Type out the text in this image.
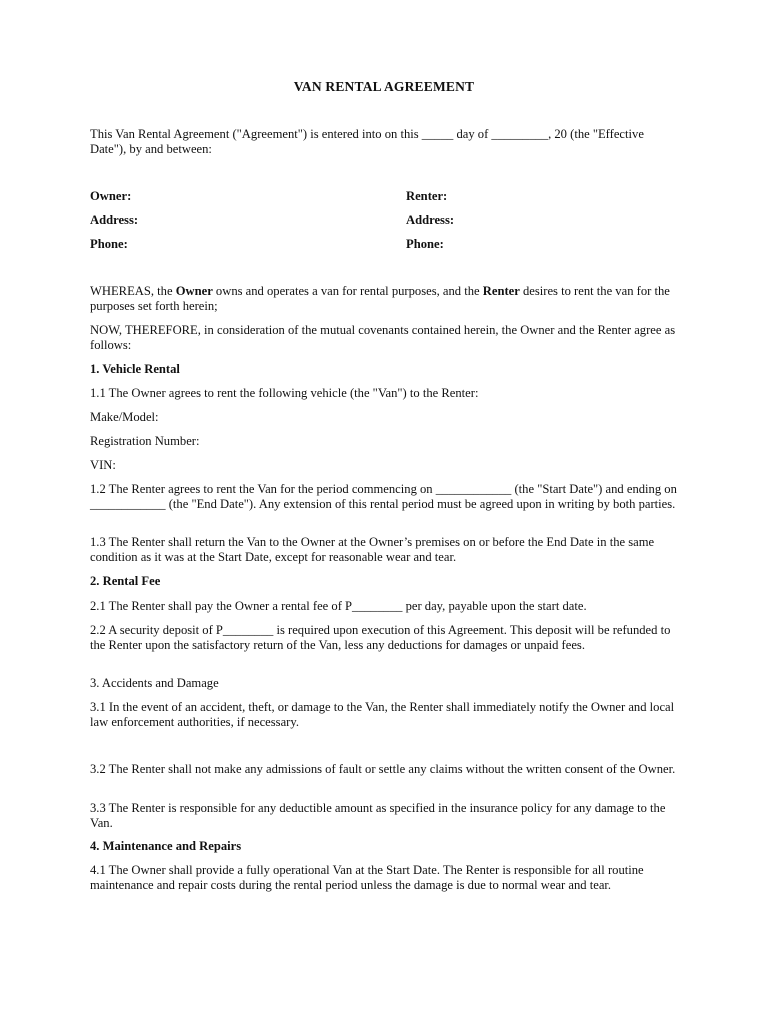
VAN RENTAL AGREEMENT

This Van Rental Agreement ("Agreement") is entered into on this _____ day of _________, 20 (the "Effective Date"), by and between:

Owner:
Address:
Phone:
Renter:
Address:
Phone:

WHEREAS, the Owner owns and operates a van for rental purposes, and the Renter desires to rent the van for the purposes set forth herein;

NOW, THEREFORE, in consideration of the mutual covenants contained herein, the Owner and the Renter agree as follows:

1. Vehicle Rental

1.1 The Owner agrees to rent the following vehicle (the "Van") to the Renter:

Make/Model:

Registration Number:

VIN:

1.2 The Renter agrees to rent the Van for the period commencing on ____________ (the "Start Date") and ending on ____________ (the "End Date"). Any extension of this rental period must be agreed upon in writing by both parties.

1.3 The Renter shall return the Van to the Owner at the Owner’s premises on or before the End Date in the same condition as it was at the Start Date, except for reasonable wear and tear.

2. Rental Fee

2.1 The Renter shall pay the Owner a rental fee of P________ per day, payable upon the start date.

2.2 A security deposit of P________ is required upon execution of this Agreement. This deposit will be refunded to the Renter upon the satisfactory return of the Van, less any deductions for damages or unpaid fees.

3. Accidents and Damage

3.1 In the event of an accident, theft, or damage to the Van, the Renter shall immediately notify the Owner and local law enforcement authorities, if necessary.

3.2 The Renter shall not make any admissions of fault or settle any claims without the written consent of the Owner.

3.3 The Renter is responsible for any deductible amount as specified in the insurance policy for any damage to the Van.

4. Maintenance and Repairs

4.1 The Owner shall provide a fully operational Van at the Start Date. The Renter is responsible for all routine maintenance and repair costs during the rental period unless the damage is due to normal wear and tear.
